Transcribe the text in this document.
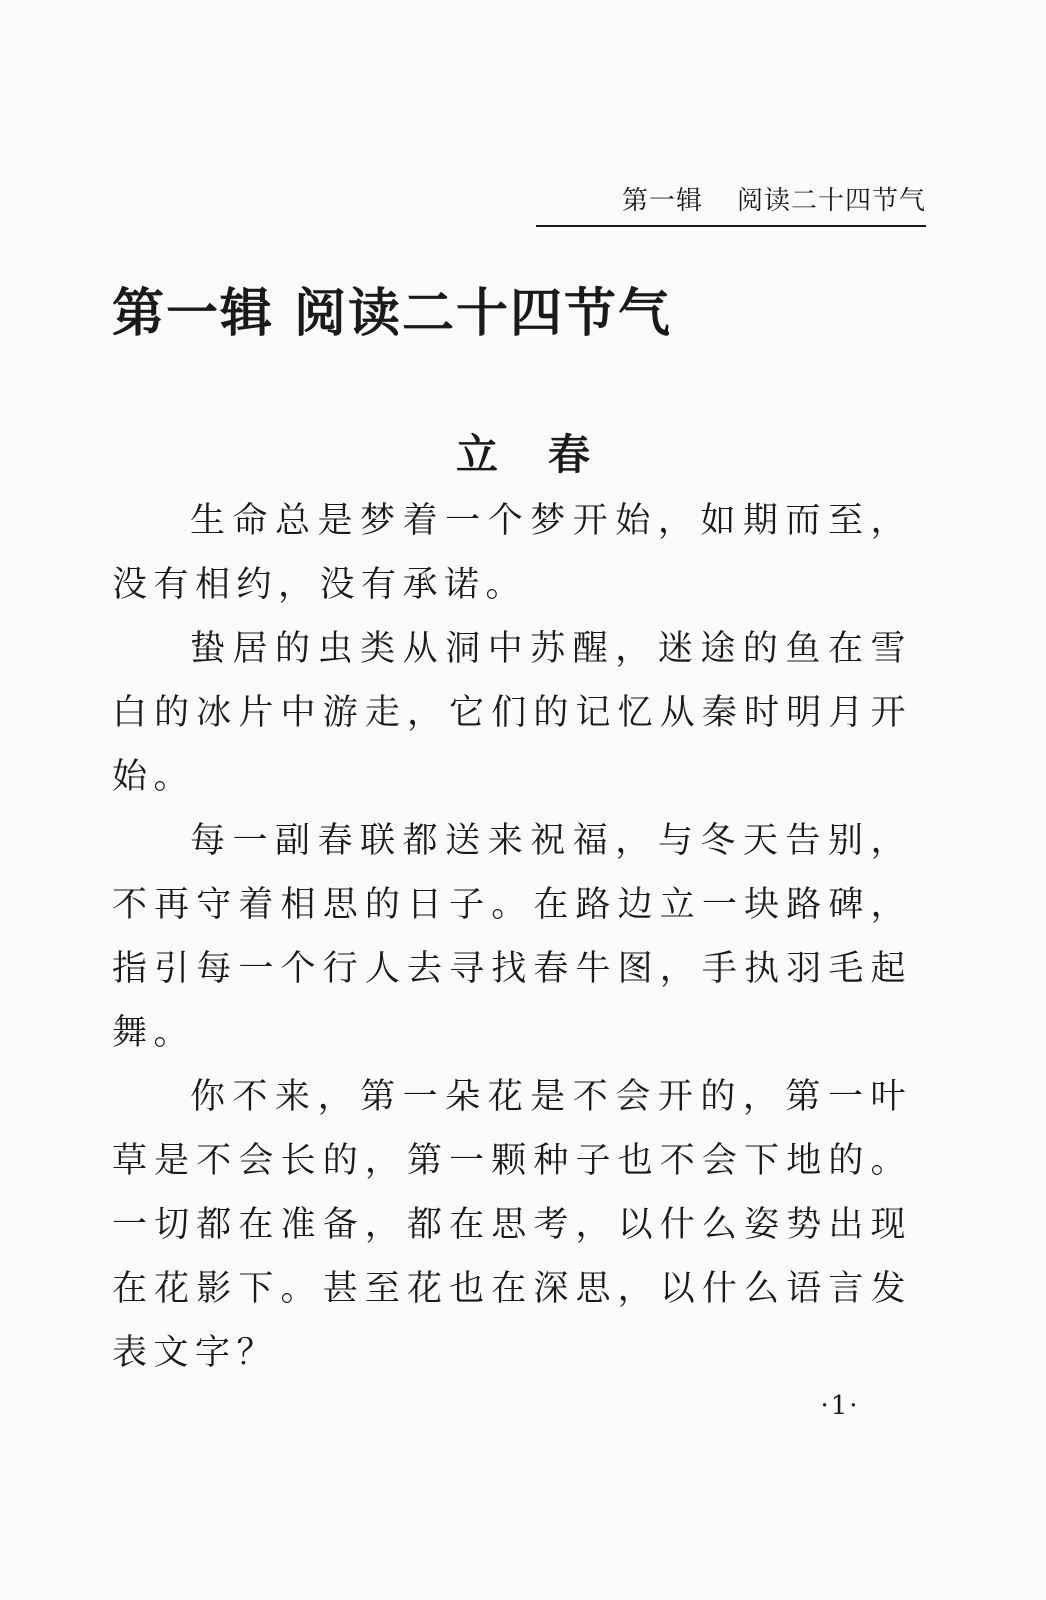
第一辑 阅读二十四节气
第一辑 阅读二十四节气
立春

生命总是梦着一个梦开始，如期而至，没有相约，没有承诺。

蛰居的虫类从洞中苏醒，迷途的鱼在雪白的冰片中游走，它们的记忆从秦时明月开始。

每一副春联都送来祝福，与冬天告别，不再守着相思的日子。在路边立一块路碑，指引每一个行人去寻找春牛图，手执羽毛起舞。

你不来，第一朵花是不会开的，第一叶草是不会长的，第一颗种子也不会下地的。一切都在准备，都在思考，以什么姿势出现在花影下。甚至花也在深思，以什么语言发表文字？

·1·
